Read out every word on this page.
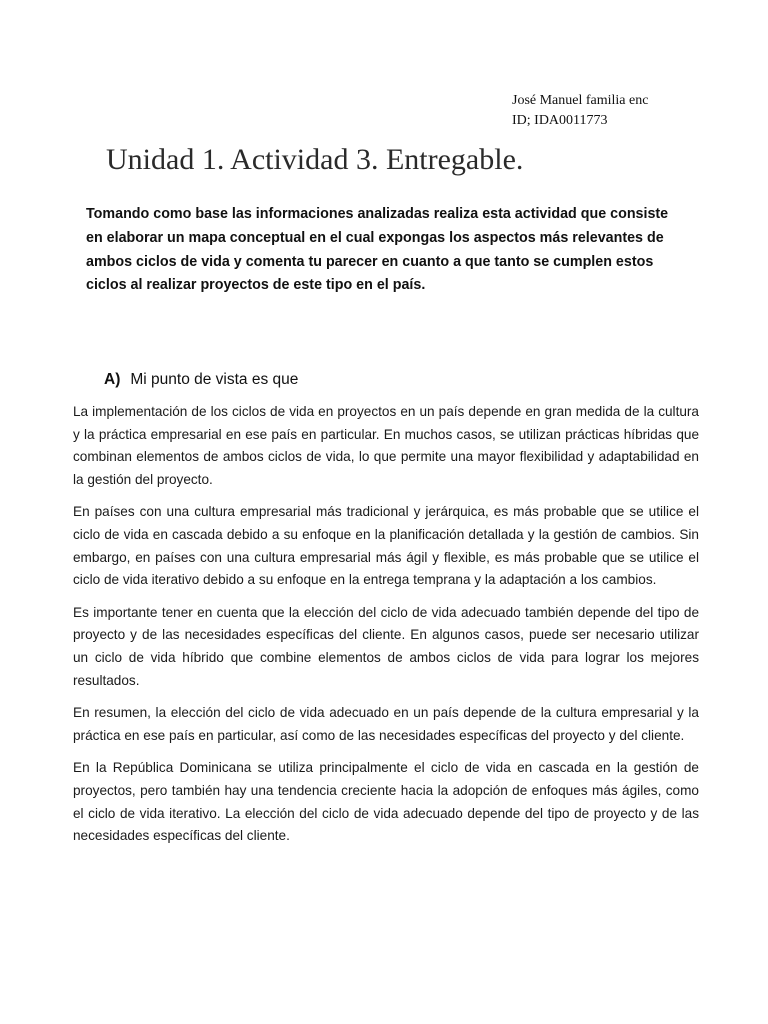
José Manuel familia enc
ID; IDA0011773
Unidad 1. Actividad 3. Entregable.

Tomando como base las informaciones analizadas realiza esta actividad que consiste en elaborar un mapa conceptual en el cual expongas los aspectos más relevantes de ambos ciclos de vida y comenta tu parecer en cuanto a que tanto se cumplen estos ciclos al realizar proyectos de este tipo en el país.

A) Mi punto de vista es que

La implementación de los ciclos de vida en proyectos en un país depende en gran medida de la cultura y la práctica empresarial en ese país en particular. En muchos casos, se utilizan prácticas híbridas que combinan elementos de ambos ciclos de vida, lo que permite una mayor flexibilidad y adaptabilidad en la gestión del proyecto.

En países con una cultura empresarial más tradicional y jerárquica, es más probable que se utilice el ciclo de vida en cascada debido a su enfoque en la planificación detallada y la gestión de cambios. Sin embargo, en países con una cultura empresarial más ágil y flexible, es más probable que se utilice el ciclo de vida iterativo debido a su enfoque en la entrega temprana y la adaptación a los cambios.

Es importante tener en cuenta que la elección del ciclo de vida adecuado también depende del tipo de proyecto y de las necesidades específicas del cliente. En algunos casos, puede ser necesario utilizar un ciclo de vida híbrido que combine elementos de ambos ciclos de vida para lograr los mejores resultados.

En resumen, la elección del ciclo de vida adecuado en un país depende de la cultura empresarial y la práctica en ese país en particular, así como de las necesidades específicas del proyecto y del cliente.

En la República Dominicana se utiliza principalmente el ciclo de vida en cascada en la gestión de proyectos, pero también hay una tendencia creciente hacia la adopción de enfoques más ágiles, como el ciclo de vida iterativo. La elección del ciclo de vida adecuado depende del tipo de proyecto y de las necesidades específicas del cliente.
